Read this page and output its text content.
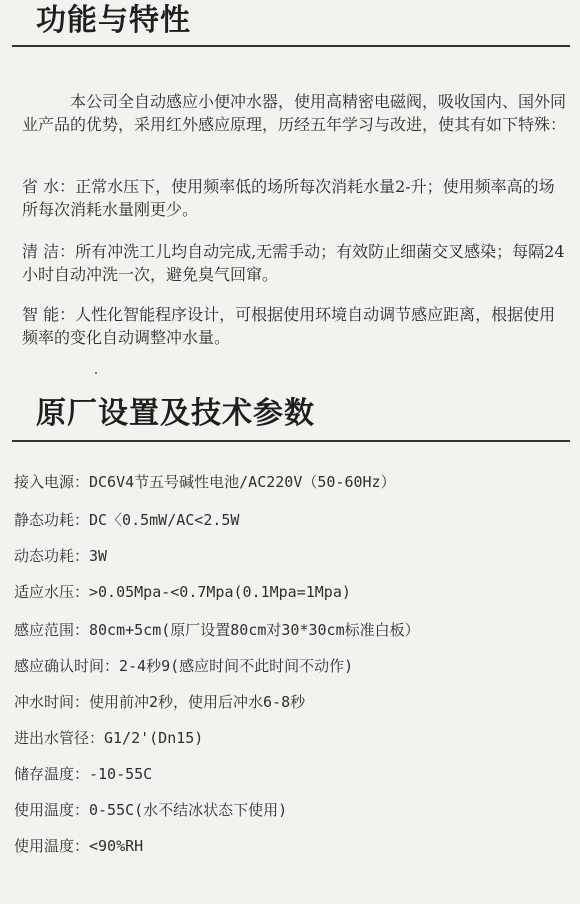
功能与特性

本公司全自动感应小便冲水器，使用高精密电磁阀，吸收国内、国外同业产品的优势，采用红外感应原理，历经五年学习与改进，使其有如下特殊：

省 水：正常水压下，使用频率低的场所每次消耗水量2-升；使用频率高的场所每次消耗水量刚更少。

清 洁：所有冲洗工儿均自动完成,无需手动；有效防止细菌交叉感染；每隔24小时自动冲洗一次，避免臭气回窜。

智 能：人性化智能程序设计，可根据使用环境自动调节感应距离，根据使用频率的变化自动调整冲水量。

原厂设置及技术参数

接入电源：DC6V4节五号碱性电池/AC220V（50-60Hz）

静态功耗：DC〈0.5mW/AC<2.5W

动态功耗：3W

适应水压：>0.05Mpa-<0.7Mpa(0.1Mpa=1Mpa)

感应范围：80cm+5cm(原厂设置80cm对30*30cm标准白板）

感应确认时间：2-4秒9(感应时间不此时间不动作)

冲水时间：使用前冲2秒，使用后冲水6-8秒

进出水管径：G1/2'(Dn15)

储存温度：-10-55C

使用温度：0-55C(水不结冰状态下使用)

使用温度：<90%RH
